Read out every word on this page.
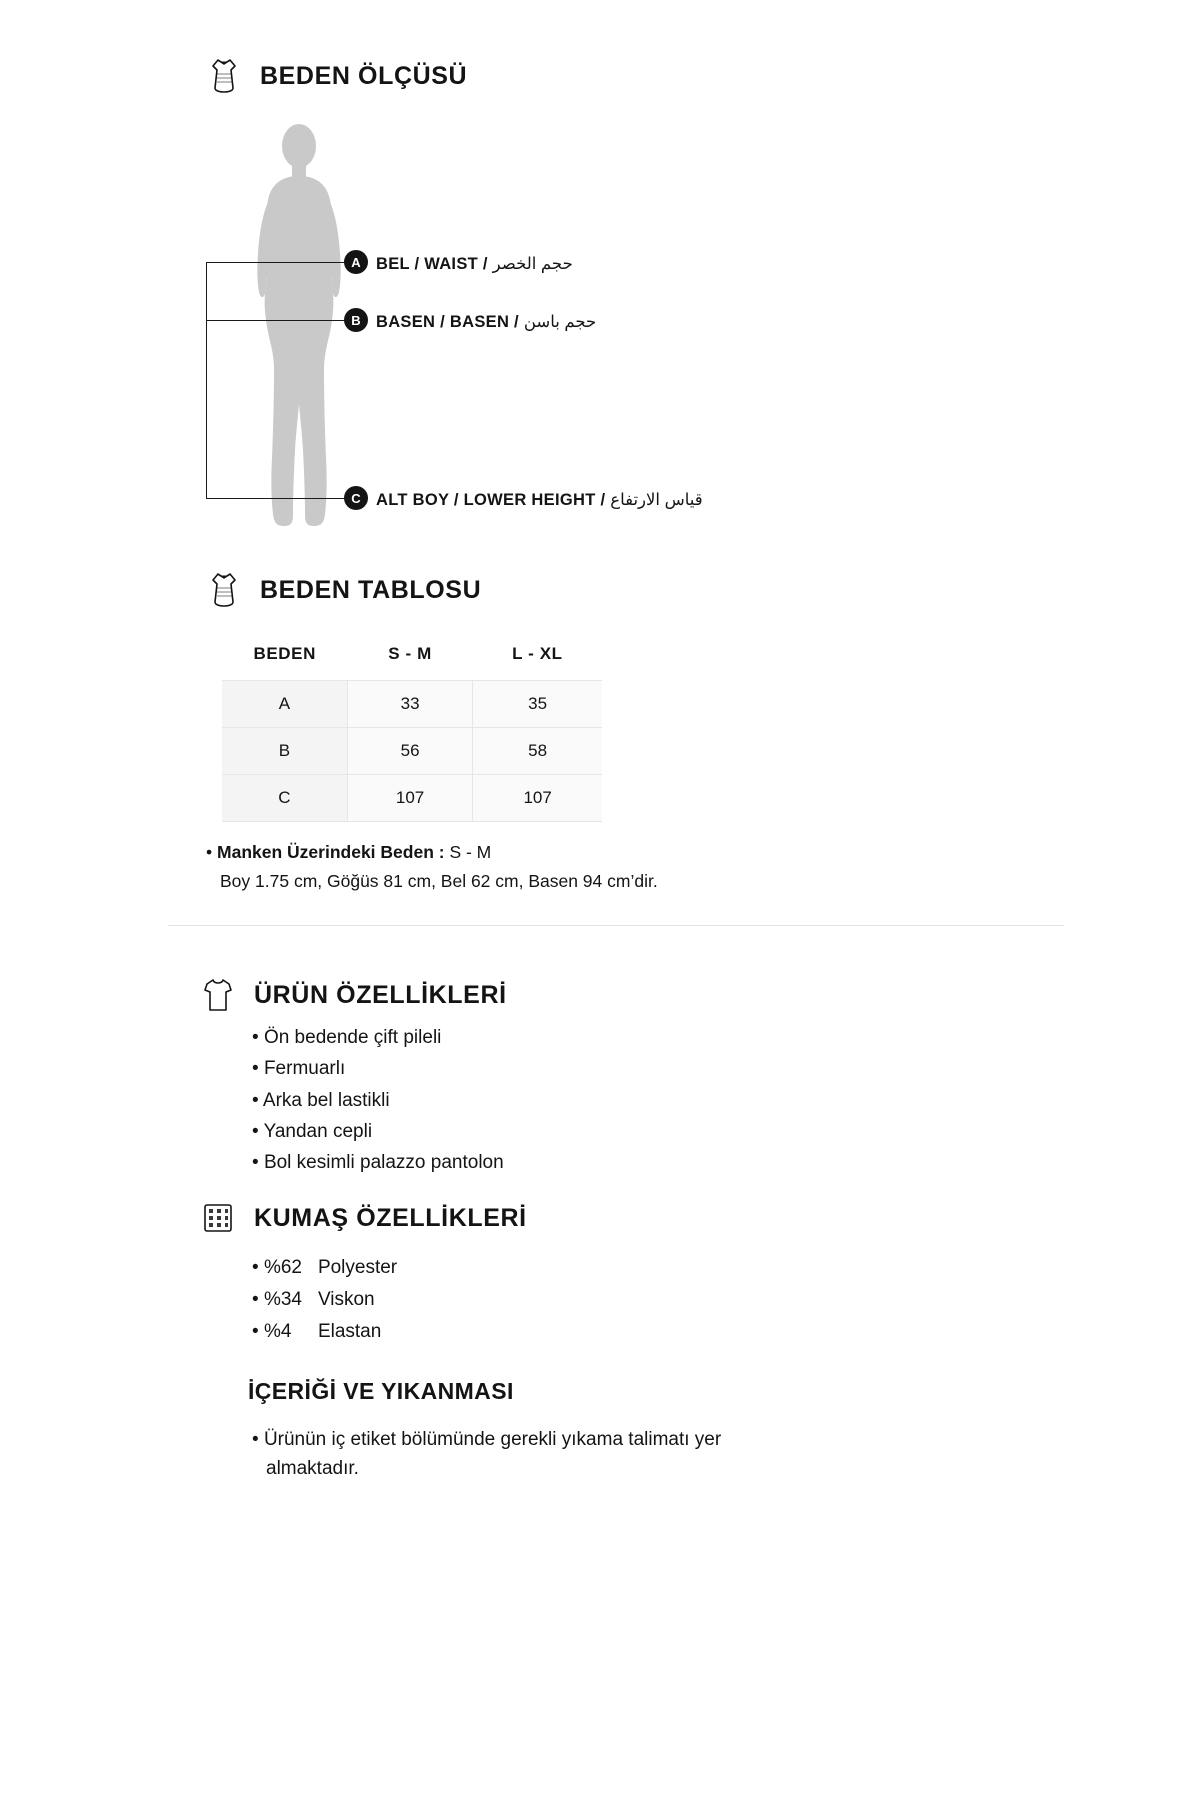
BEDEN ÖLÇÜSÜ
A BEL / WAIST / حجم الخصر
B BASEN / BASEN / حجم باسن
C ALT BOY / LOWER HEIGHT / قياس الارتفاع
BEDEN TABLOSU
BEDEN	S - M	L - XL
A	33	35
B	56	58
C	107	107
• Manken Üzerindeki Beden : S - M
Boy 1.75 cm, Göğüs 81 cm, Bel 62 cm, Basen 94 cm’dir.
ÜRÜN ÖZELLİKLERİ
• Ön bedende çift pileli
• Fermuarlı
• Arka bel lastikli
• Yandan cepli
• Bol kesimli palazzo pantolon
KUMAŞ ÖZELLİKLERİ
• %62 Polyester
• %34 Viskon
• %4 Elastan
İÇERİĞİ VE YIKANMASI
• Ürünün iç etiket bölümünde gerekli yıkama talimatı yer
almaktadır.
